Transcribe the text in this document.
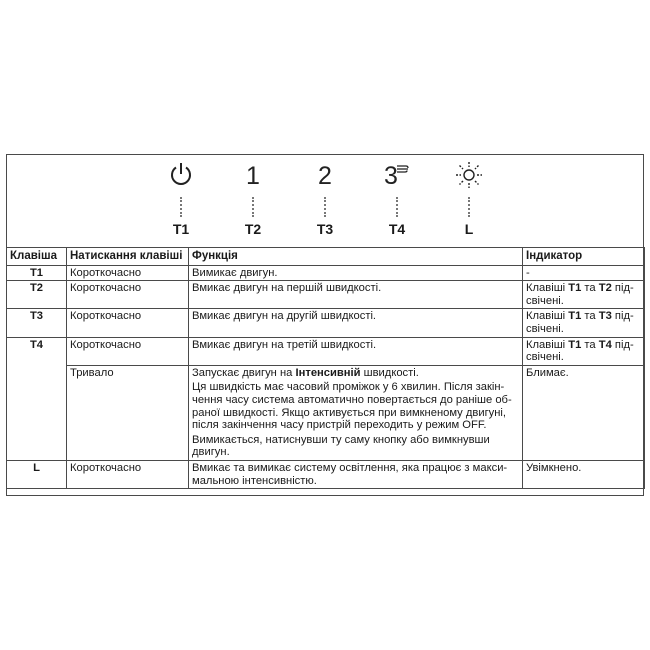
T1
1
T2
2
T3
3
T4	L
Клавіша	Натискання клавіші	Функція	Індикатор
T1	Короткочасно	Вимикає двигун.	-
T2	Короткочасно	Вмикає двигун на першій швидкості.	Клавіші T1 та T2 під-свічені.
T3	Короткочасно	Вмикає двигун на другій швидкості.	Клавіші T1 та T3 під-свічені.
T4	Короткочасно	Вмикає двигун на третій швидкості.	Клавіші T1 та T4 під-свічені.
	Тривало	Запускає двигун на Інтенсивній швидкості.
Ця швидкість має часовий проміжок у 6 хвилин. Після закін-чення часу система автоматично повертається до раніше об-раної швидкості. Якщо активується при вимкненому двигуні, після закінчення часу пристрій переходить у режим OFF.
Вимикається, натиснувши ту саму кнопку або вимкнувши двигун.	Блимає.
L	Короткочасно	Вмикає та вимикає систему освітлення, яка працює з макси-мальною інтенсивністю.	Увімкнено.
